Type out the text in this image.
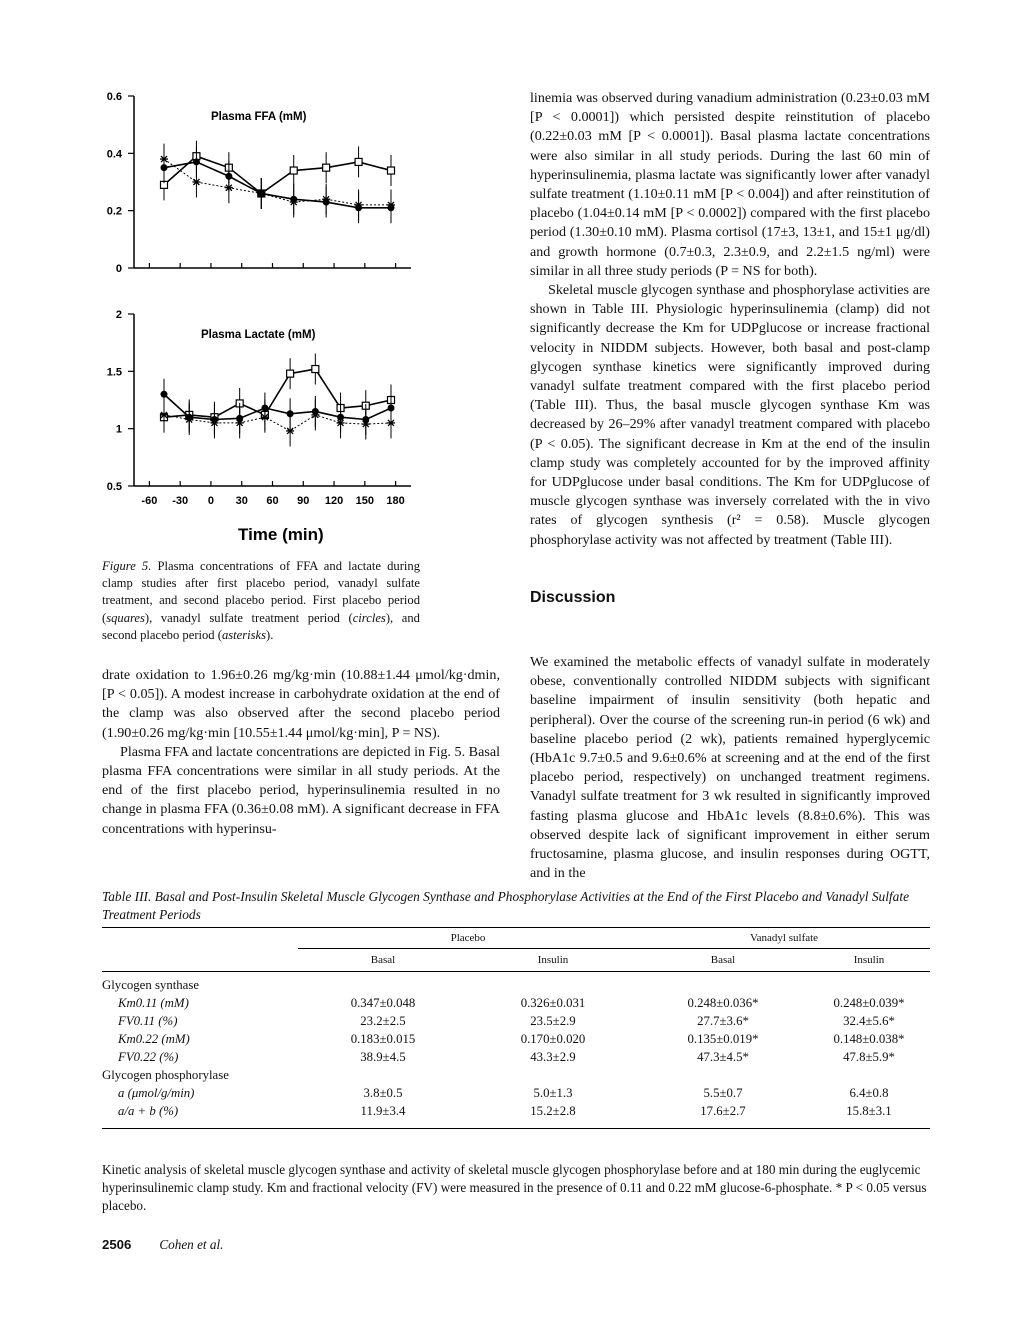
Plasma FFA (mM)
0
0.2
0.4
0.6
Plasma Lactate (mM)
0.5
1
1.5
2
-60 -30 0 30 60 90 120 150 180
Time (min)
Figure 5. Plasma concentrations of FFA and lactate during clamp studies after first placebo period, vanadyl sulfate treatment, and second placebo period. First placebo period (squares), vanadyl sulfate treatment period (circles), and second placebo period (asterisks).

drate oxidation to 1.96±0.26 mg/kg·min (10.88±1.44 μmol/kg·dmin, [P < 0.05]). A modest increase in carbohydrate oxidation at the end of the clamp was also observed after the second placebo period (1.90±0.26 mg/kg·min [10.55±1.44 μmol/kg·min], P = NS).

Plasma FFA and lactate concentrations are depicted in Fig. 5. Basal plasma FFA concentrations were similar in all study periods. At the end of the first placebo period, hyperinsulinemia resulted in no change in plasma FFA (0.36±0.08 mM). A significant decrease in FFA concentrations with hyperinsu-

linemia was observed during vanadium administration (0.23±0.03 mM [P < 0.0001]) which persisted despite reinstitution of placebo (0.22±0.03 mM [P < 0.0001]). Basal plasma lactate concentrations were also similar in all study periods. During the last 60 min of hyperinsulinemia, plasma lactate was significantly lower after vanadyl sulfate treatment (1.10±0.11 mM [P < 0.004]) and after reinstitution of placebo (1.04±0.14 mM [P < 0.0002]) compared with the first placebo period (1.30±0.10 mM). Plasma cortisol (17±3, 13±1, and 15±1 μg/dl) and growth hormone (0.7±0.3, 2.3±0.9, and 2.2±1.5 ng/ml) were similar in all three study periods (P = NS for both).

Skeletal muscle glycogen synthase and phosphorylase activities are shown in Table III. Physiologic hyperinsulinemia (clamp) did not significantly decrease the Km for UDPglucose or increase fractional velocity in NIDDM subjects. However, both basal and post-clamp glycogen synthase kinetics were significantly improved during vanadyl sulfate treatment compared with the first placebo period (Table III). Thus, the basal muscle glycogen synthase Km was decreased by 26–29% after vanadyl treatment compared with placebo (P < 0.05). The significant decrease in Km at the end of the insulin clamp study was completely accounted for by the improved affinity for UDPglucose under basal conditions. The Km for UDPglucose of muscle glycogen synthase was inversely correlated with the in vivo rates of glycogen synthesis (r² = 0.58). Muscle glycogen phosphorylase activity was not affected by treatment (Table III).

Discussion

We examined the metabolic effects of vanadyl sulfate in moderately obese, conventionally controlled NIDDM subjects with significant baseline impairment of insulin sensitivity (both hepatic and peripheral). Over the course of the screening run-in period (6 wk) and baseline placebo period (2 wk), patients remained hyperglycemic (HbA1c 9.7±0.5 and 9.6±0.6% at screening and at the end of the first placebo period, respectively) on unchanged treatment regimens. Vanadyl sulfate treatment for 3 wk resulted in significantly improved fasting plasma glucose and HbA1c levels (8.8±0.6%). This was observed despite lack of significant improvement in either serum fructosamine, plasma glucose, and insulin responses during OGTT, and in the

Table III. Basal and Post-Insulin Skeletal Muscle Glycogen Synthase and Phosphorylase Activities at the End of the First Placebo and Vanadyl Sulfate Treatment Periods
	Placebo		Vanadyl sulfate	
	Basal	Insulin	Basal	Insulin
Glycogen synthase				
Km0.11 (mM)	0.347±0.048	0.326±0.031	0.248±0.036*	0.248±0.039*
FV0.11 (%)	23.2±2.5	23.5±2.9	27.7±3.6*	32.4±5.6*
Km0.22 (mM)	0.183±0.015	0.170±0.020	0.135±0.019*	0.148±0.038*
FV0.22 (%)	38.9±4.5	43.3±2.9	47.3±4.5*	47.8±5.9*
Glycogen phosphorylase				
a (μmol/g/min)	3.8±0.5	5.0±1.3	5.5±0.7	6.4±0.8
a/a + b (%)	11.9±3.4	15.2±2.8	17.6±2.7	15.8±3.1

Kinetic analysis of skeletal muscle glycogen synthase and activity of skeletal muscle glycogen phosphorylase before and at 180 min during the euglycemic hyperinsulinemic clamp study. Km and fractional velocity (FV) were measured in the presence of 0.11 and 0.22 mM glucose-6-phosphate. * P < 0.05 versus placebo.
2506 Cohen et al.
